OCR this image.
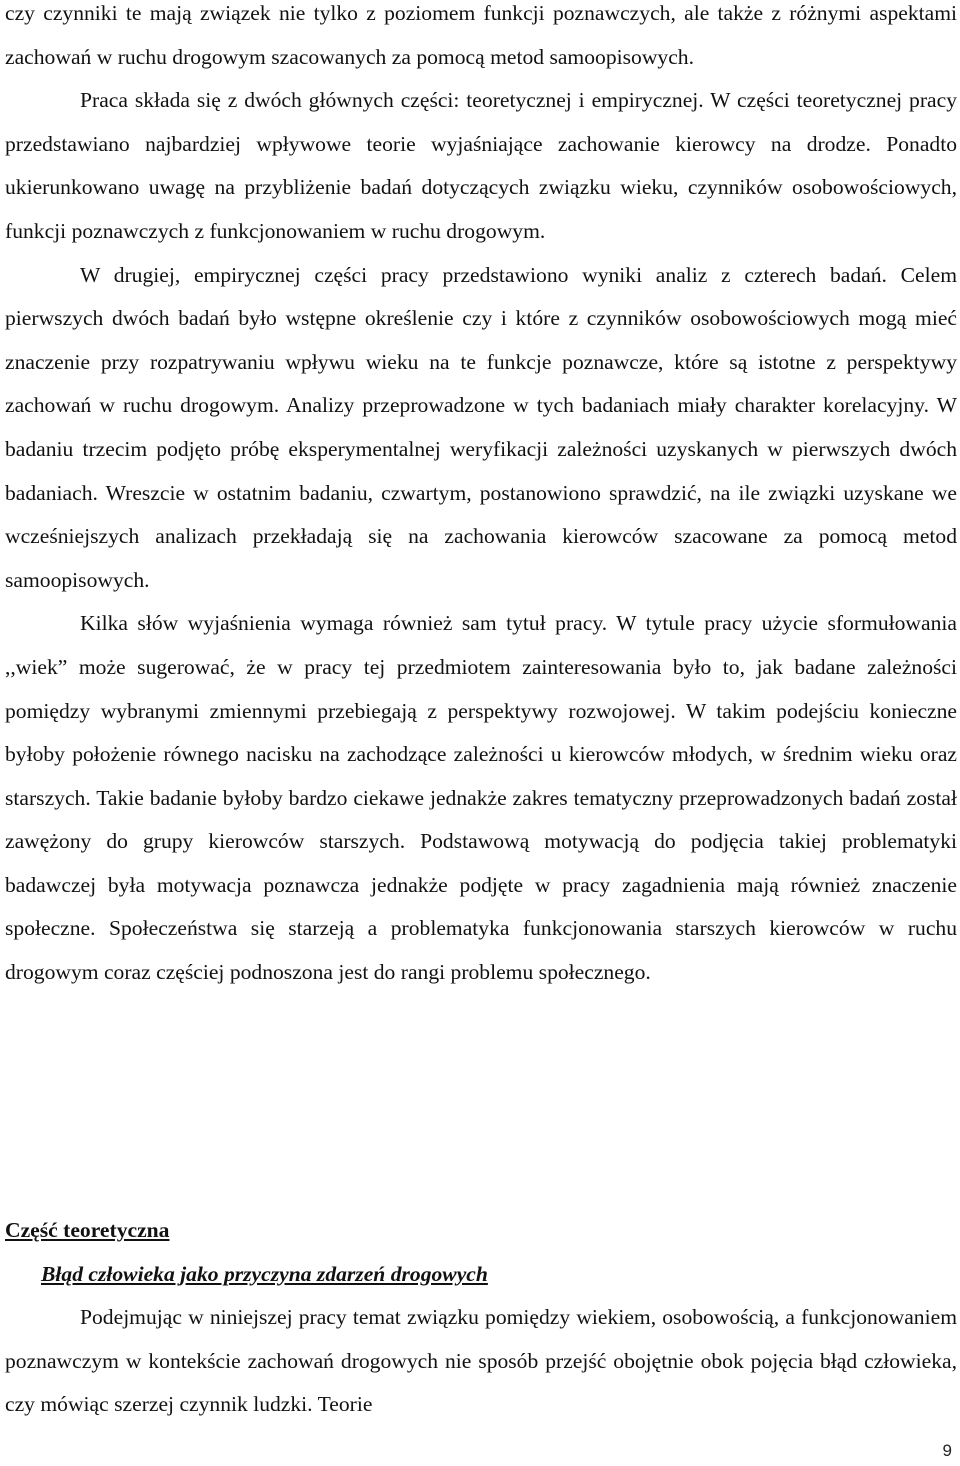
czy czynniki te mają związek nie tylko z poziomem funkcji poznawczych, ale także z różnymi aspektami zachowań w ruchu drogowym szacowanych za pomocą metod samoopisowych.

Praca składa się z dwóch głównych części: teoretycznej i empirycznej. W części teoretycznej pracy przedstawiano najbardziej wpływowe teorie wyjaśniające zachowanie kierowcy na drodze. Ponadto ukierunkowano uwagę na przybliżenie badań dotyczących związku wieku, czynników osobowościowych, funkcji poznawczych z funkcjonowaniem w ruchu drogowym.

W drugiej, empirycznej części pracy przedstawiono wyniki analiz z czterech badań. Celem pierwszych dwóch badań było wstępne określenie czy i które z czynników osobowościowych mogą mieć znaczenie przy rozpatrywaniu wpływu wieku na te funkcje poznawcze, które są istotne z perspektywy zachowań w ruchu drogowym. Analizy przeprowadzone w tych badaniach miały charakter korelacyjny. W badaniu trzecim podjęto próbę eksperymentalnej weryfikacji zależności uzyskanych w pierwszych dwóch badaniach. Wreszcie w ostatnim badaniu, czwartym, postanowiono sprawdzić, na ile związki uzyskane we wcześniejszych analizach przekładają się na zachowania kierowców szacowane za pomocą metod samoopisowych.

Kilka słów wyjaśnienia wymaga również sam tytuł pracy. W tytule pracy użycie sformułowania ,,wiek” może sugerować, że w pracy tej przedmiotem zainteresowania było to, jak badane zależności pomiędzy wybranymi zmiennymi przebiegają z perspektywy rozwojowej. W takim podejściu konieczne byłoby położenie równego nacisku na zachodzące zależności u kierowców młodych, w średnim wieku oraz starszych. Takie badanie byłoby bardzo ciekawe jednakże zakres tematyczny przeprowadzonych badań został zawężony do grupy kierowców starszych. Podstawową motywacją do podjęcia takiej problematyki badawczej była motywacja poznawcza jednakże podjęte w pracy zagadnienia mają również znaczenie społeczne. Społeczeństwa się starzeją a problematyka funkcjonowania starszych kierowców w ruchu drogowym coraz częściej podnoszona jest do rangi problemu społecznego.

Część teoretyczna

Błąd człowieka jako przyczyna zdarzeń drogowych

Podejmując w niniejszej pracy temat związku pomiędzy wiekiem, osobowością, a funkcjonowaniem poznawczym w kontekście zachowań drogowych nie sposób przejść obojętnie obok pojęcia błąd człowieka, czy mówiąc szerzej czynnik ludzki. Teorie

9
